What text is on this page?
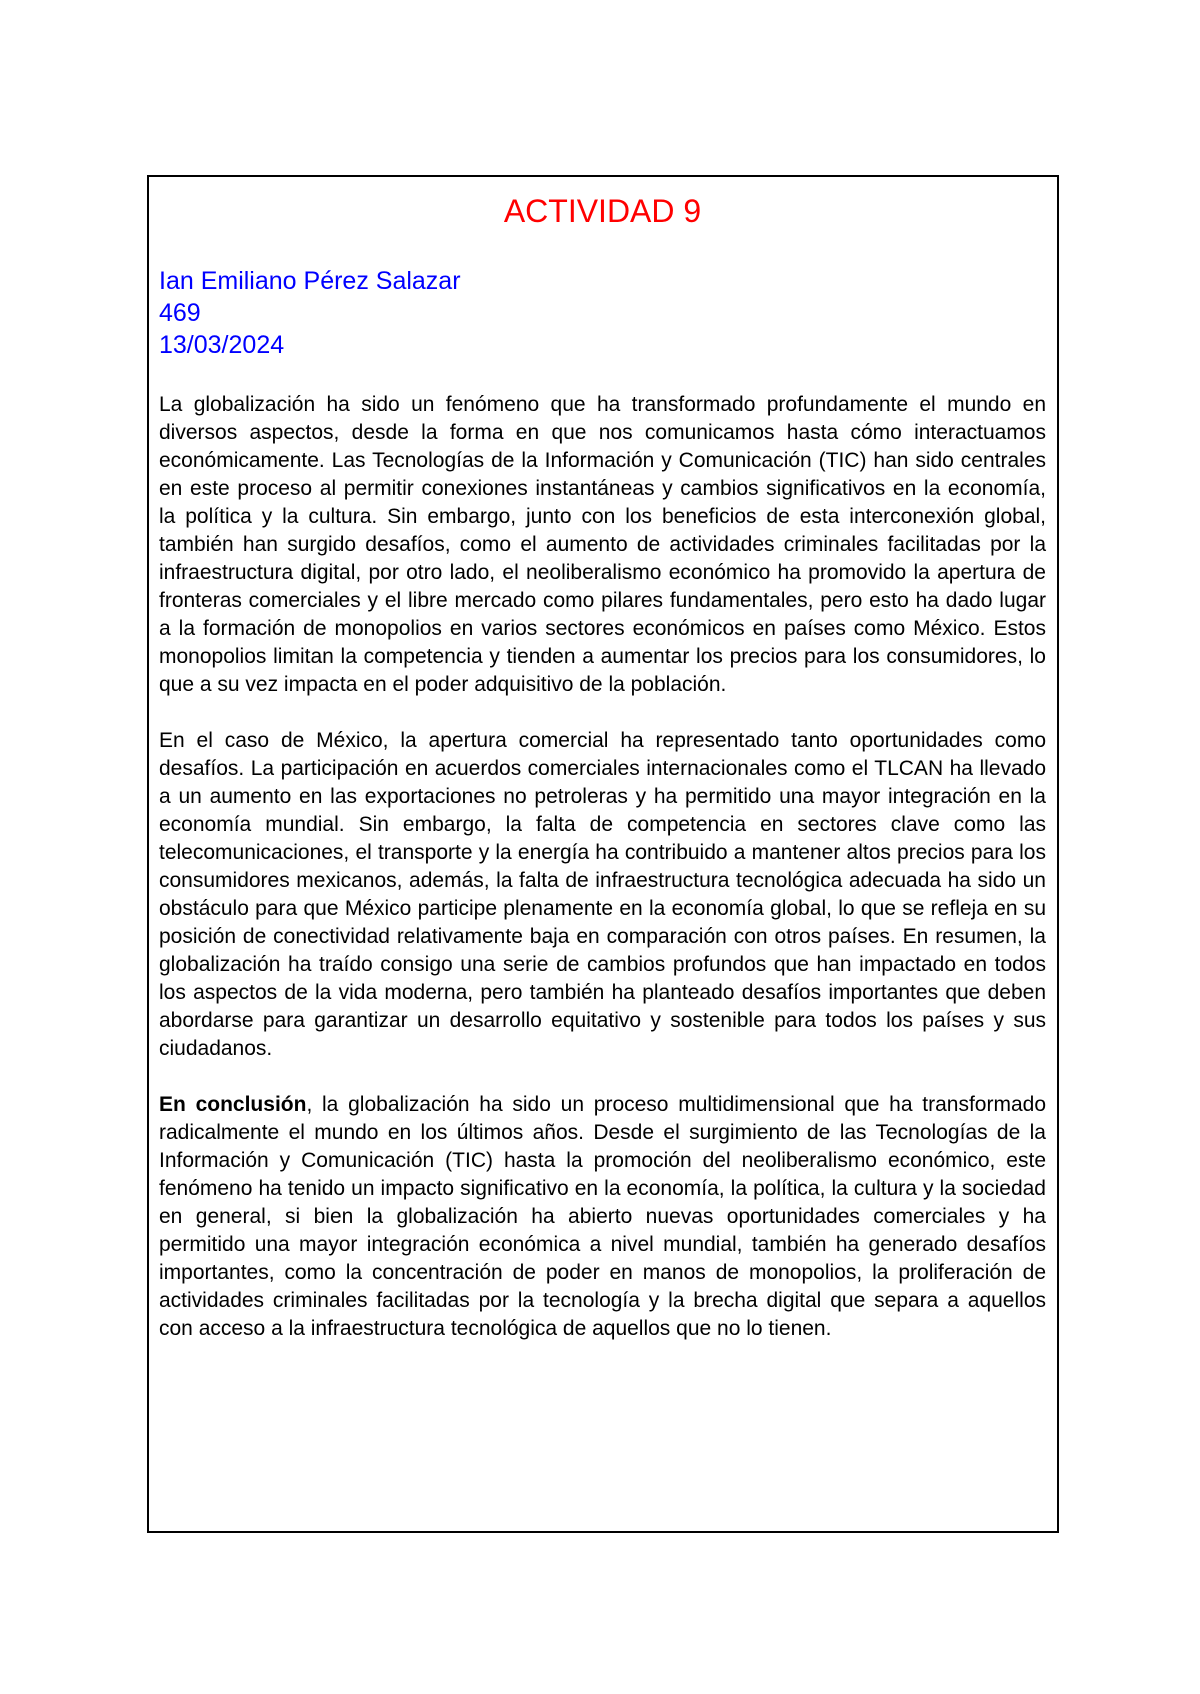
ACTIVIDAD 9
Ian Emiliano Pérez Salazar
469
13/03/2024

La globalización ha sido un fenómeno que ha transformado profundamente el mundo en diversos aspectos, desde la forma en que nos comunicamos hasta cómo interactuamos económicamente. Las Tecnologías de la Información y Comunicación (TIC) han sido centrales en este proceso al permitir conexiones instantáneas y cambios significativos en la economía, la política y la cultura. Sin embargo, junto con los beneficios de esta interconexión global, también han surgido desafíos, como el aumento de actividades criminales facilitadas por la infraestructura digital, por otro lado, el neoliberalismo económico ha promovido la apertura de fronteras comerciales y el libre mercado como pilares fundamentales, pero esto ha dado lugar a la formación de monopolios en varios sectores económicos en países como México. Estos monopolios limitan la competencia y tienden a aumentar los precios para los consumidores, lo que a su vez impacta en el poder adquisitivo de la población.

En el caso de México, la apertura comercial ha representado tanto oportunidades como desafíos. La participación en acuerdos comerciales internacionales como el TLCAN ha llevado a un aumento en las exportaciones no petroleras y ha permitido una mayor integración en la economía mundial. Sin embargo, la falta de competencia en sectores clave como las telecomunicaciones, el transporte y la energía ha contribuido a mantener altos precios para los consumidores mexicanos, además, la falta de infraestructura tecnológica adecuada ha sido un obstáculo para que México participe plenamente en la economía global, lo que se refleja en su posición de conectividad relativamente baja en comparación con otros países. En resumen, la globalización ha traído consigo una serie de cambios profundos que han impactado en todos los aspectos de la vida moderna, pero también ha planteado desafíos importantes que deben abordarse para garantizar un desarrollo equitativo y sostenible para todos los países y sus ciudadanos.

En conclusión, la globalización ha sido un proceso multidimensional que ha transformado radicalmente el mundo en los últimos años. Desde el surgimiento de las Tecnologías de la Información y Comunicación (TIC) hasta la promoción del neoliberalismo económico, este fenómeno ha tenido un impacto significativo en la economía, la política, la cultura y la sociedad en general, si bien la globalización ha abierto nuevas oportunidades comerciales y ha permitido una mayor integración económica a nivel mundial, también ha generado desafíos importantes, como la concentración de poder en manos de monopolios, la proliferación de actividades criminales facilitadas por la tecnología y la brecha digital que separa a aquellos con acceso a la infraestructura tecnológica de aquellos que no lo tienen.
